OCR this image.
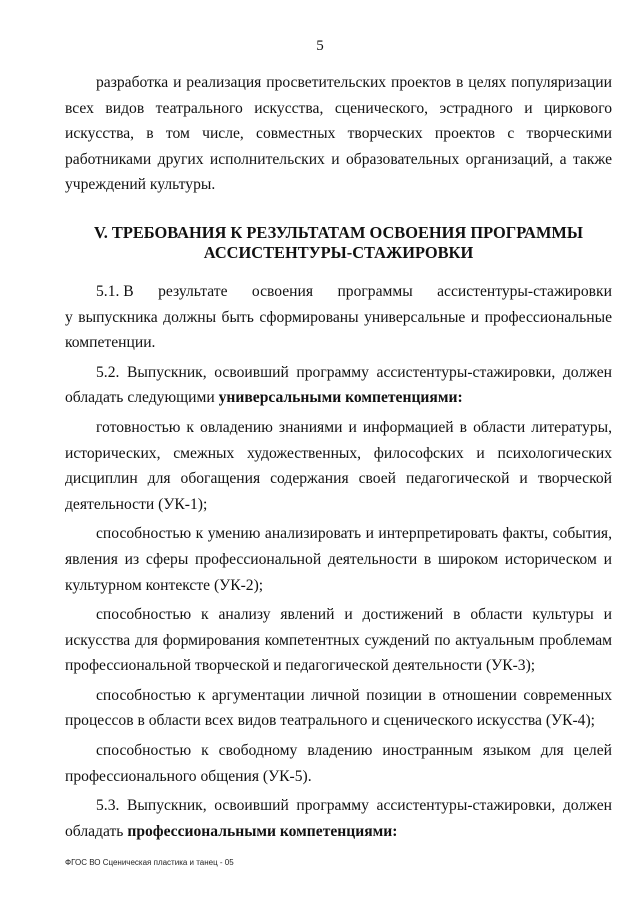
5

разработка и реализация просветительских проектов в целях популяризации всех видов театрального искусства, сценического, эстрадного и циркового искусства, в том числе, совместных творческих проектов с творческими работниками других исполнительских и образовательных организаций, а также учреждений культуры.

V. ТРЕБОВАНИЯ К РЕЗУЛЬТАТАМ ОСВОЕНИЯ ПРОГРАММЫ
АССИСТЕНТУРЫ-СТАЖИРОВКИ
5.1. В результате освоения программы ассистентуры-стажировки

у выпускника должны быть сформированы универсальные и профессиональные компетенции.

5.2. Выпускник, освоивший программу ассистентуры-стажировки, должен обладать следующими универсальными компетенциями:

готовностью к овладению знаниями и информацией в области литературы, исторических, смежных художественных, философских и психологических дисциплин для обогащения содержания своей педагогической и творческой деятельности (УК-1);

способностью к умению анализировать и интерпретировать факты, события, явления из сферы профессиональной деятельности в широком историческом и культурном контексте (УК-2);

способностью к анализу явлений и достижений в области культуры и искусства для формирования компетентных суждений по актуальным проблемам профессиональной творческой и педагогической деятельности (УК-3);

способностью к аргументации личной позиции в отношении современных процессов в области всех видов театрального и сценического искусства (УК-4);

способностью к свободному владению иностранным языком для целей профессионального общения (УК-5).

5.3. Выпускник, освоивший программу ассистентуры-стажировки, должен обладать профессиональными компетенциями:

ФГОС ВО Сценическая пластика и танец - 05
